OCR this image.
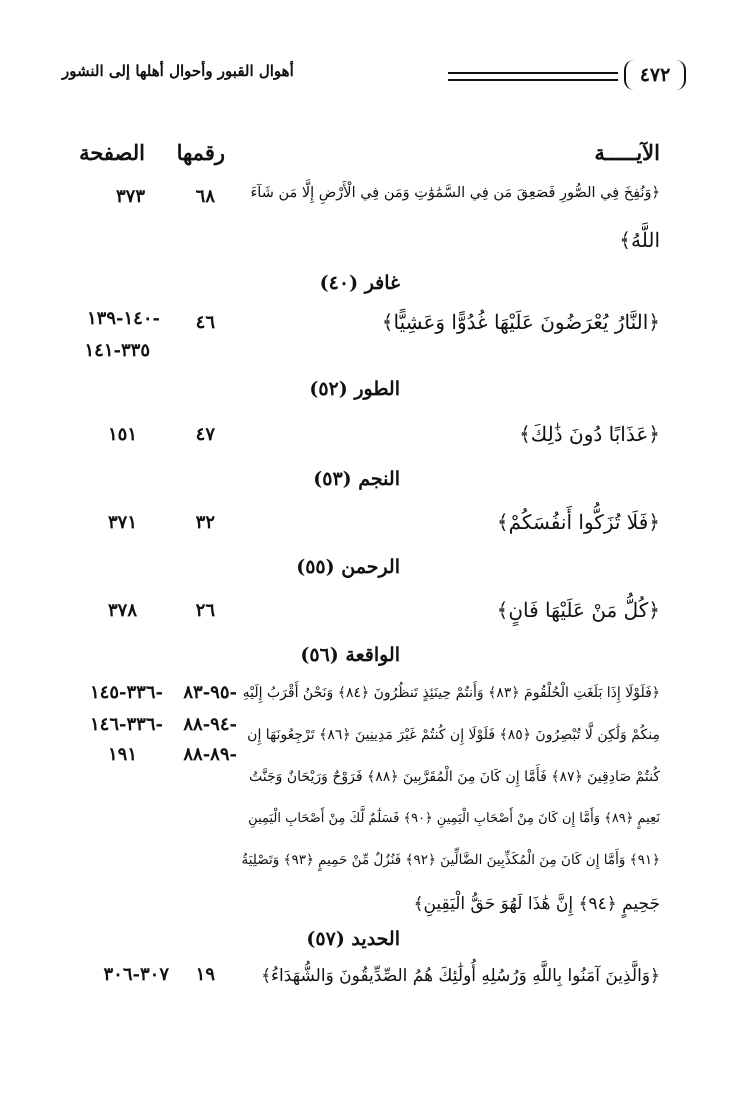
٤٧٢
أهوال القبور وأحوال أهلها إلى النشور
الآيـــــة
رقمها
الصفحة
﴿وَنُفِخَ فِي الصُّورِ فَصَعِقَ مَن فِي السَّمَٰوَٰتِ وَمَن فِي الْأَرْضِ إِلَّا مَن شَآءَ
اللَّهُ﴾
٦٨
٣٧٣
غافر (٤٠)
﴿النَّارُ يُعْرَضُونَ عَلَيْهَا غُدُوًّا وَعَشِيًّا﴾
٤٦
-١٤٠-١٣٩
٣٣٥-١٤١
الطور (٥٢)
﴿عَذَابًا دُونَ ذَٰلِكَ﴾
٤٧
١٥١
النجم (٥٣)
﴿فَلَا تُزَكُّوا أَنفُسَكُمْ﴾
٣٢
٣٧١
الرحمن (٥٥)
﴿كُلُّ مَنْ عَلَيْهَا فَانٍ﴾
٢٦
٣٧٨
الواقعة (٥٦)
﴿فَلَوْلَا إِذَا بَلَغَتِ الْحُلْقُومَ ﴿٨٣﴾ وَأَنتُمْ حِينَئِذٍ تَنظُرُونَ ﴿٨٤﴾ وَنَحْنُ أَقْرَبُ إِلَيْهِ
مِنكُمْ وَلَٰكِن لَّا تُبْصِرُونَ ﴿٨٥﴾ فَلَوْلَا إِن كُنتُمْ غَيْرَ مَدِينِينَ ﴿٨٦﴾ تَرْجِعُونَهَا إِن
كُنتُمْ صَادِقِينَ ﴿٨٧﴾ فَأَمَّا إِن كَانَ مِنَ الْمُقَرَّبِينَ ﴿٨٨﴾ فَرَوْحٌ وَرَيْحَانٌ وَجَنَّتُ
نَعِيمٍ ﴿٨٩﴾ وَأَمَّا إِن كَانَ مِنْ أَصْحَابِ الْيَمِينِ ﴿٩٠﴾ فَسَلَٰمٌ لَّكَ مِنْ أَصْحَابِ الْيَمِينِ
﴿٩١﴾ وَأَمَّا إِن كَانَ مِنَ الْمُكَذِّبِينَ الضَّالِّينَ ﴿٩٢﴾ فَنُزُلٌ مِّنْ حَمِيمٍ ﴿٩٣﴾ وَتَصْلِيَةُ
جَحِيمٍ ﴿٩٤﴾ إِنَّ هَٰذَا لَهُوَ حَقُّ الْيَقِينِ﴾
-٩٥-٨٣
-٩٤-٨٨
-٨٩-٨٨
-٣٣٦-١٤٥
-٣٣٦-١٤٦
١٩١
الحديد (٥٧)
﴿وَالَّذِينَ آمَنُوا بِاللَّهِ وَرُسُلِهِ أُولَٰئِكَ هُمُ الصِّدِّيقُونَ وَالشُّهَدَاءُ﴾
١٩
٣٠٧-٣٠٦
